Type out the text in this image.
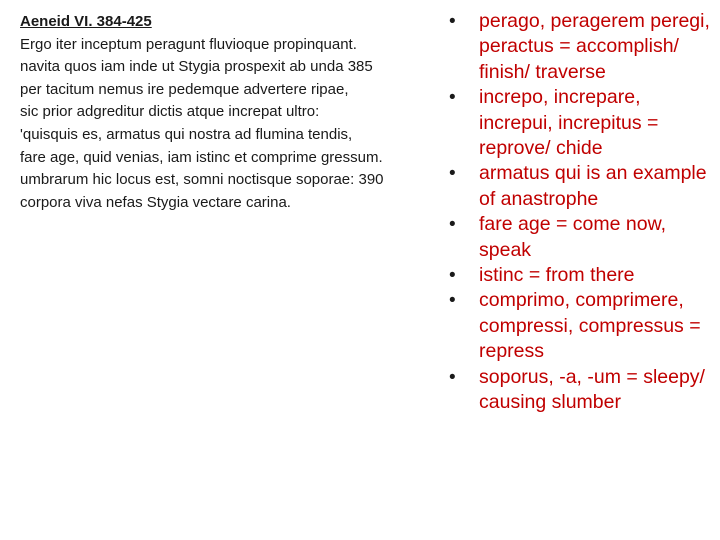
Aeneid VI. 384-425
Ergo iter inceptum peragunt fluvioque propinquant.
navita quos iam inde ut Stygia prospexit ab unda 385
per tacitum nemus ire pedemque advertere ripae,
sic prior adgreditur dictis atque increpat ultro:
'quisquis es, armatus qui nostra ad flumina tendis,
fare age, quid venias, iam istinc et comprime gressum.
umbrarum hic locus est, somni noctisque soporae: 390
corpora viva nefas Stygia vectare carina.
• perago, peragerem peregi, peractus = accomplish/ finish/ traverse
• increpo, increpare, increpui, increpitus = reprove/ chide
• armatus qui is an example of anastrophe
• fare age = come now, speak
• istinc = from there
• comprimo, comprimere, compressi, compressus = repress
• soporus, -a, -um = sleepy/ causing slumber
